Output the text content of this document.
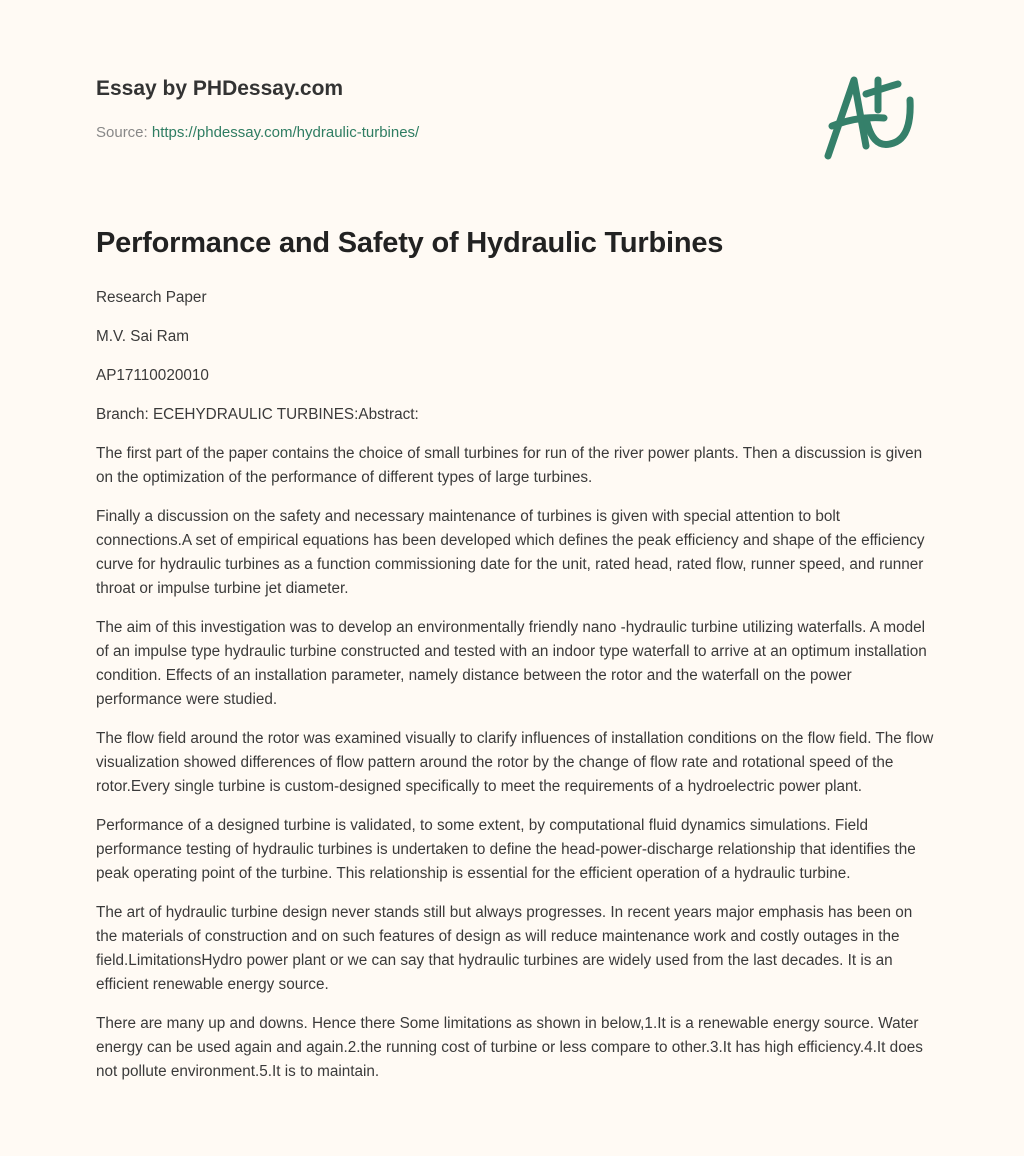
Essay by PHDessay.com
Source: https://phdessay.com/hydraulic-turbines/
Performance and Safety of Hydraulic Turbines

Research Paper

M.V. Sai Ram

AP17110020010

Branch: ECEHYDRAULIC TURBINES:Abstract:

The first part of the paper contains the choice of small turbines for run of the river power plants. Then a discussion is given on the optimization of the performance of different types of large turbines.

Finally a discussion on the safety and necessary maintenance of turbines is given with special attention to bolt connections.A set of empirical equations has been developed which defines the peak efficiency and shape of the efficiency curve for hydraulic turbines as a function commissioning date for the unit, rated head, rated flow, runner speed, and runner throat or impulse turbine jet diameter.

The aim of this investigation was to develop an environmentally friendly nano -hydraulic turbine utilizing waterfalls. A model of an impulse type hydraulic turbine constructed and tested with an indoor type waterfall to arrive at an optimum installation condition. Effects of an installation parameter, namely distance between the rotor and the waterfall on the power performance were studied.

The flow field around the rotor was examined visually to clarify influences of installation conditions on the flow field. The flow visualization showed differences of flow pattern around the rotor by the change of flow rate and rotational speed of the rotor.Every single turbine is custom-designed specifically to meet the requirements of a hydroelectric power plant.

Performance of a designed turbine is validated, to some extent, by computational fluid dynamics simulations. Field performance testing of hydraulic turbines is undertaken to define the head-power-discharge relationship that identifies the peak operating point of the turbine. This relationship is essential for the efficient operation of a hydraulic turbine.

The art of hydraulic turbine design never stands still but always progresses. In recent years major emphasis has been on the materials of construction and on such features of design as will reduce maintenance work and costly outages in the field.LimitationsHydro power plant or we can say that hydraulic turbines are widely used from the last decades. It is an efficient renewable energy source.

There are many up and downs. Hence there Some limitations as shown in below,1.It is a renewable energy source. Water energy can be used again and again.2.the running cost of turbine or less compare to other.3.It has high efficiency.4.It does not pollute environment.5.It is to maintain.
